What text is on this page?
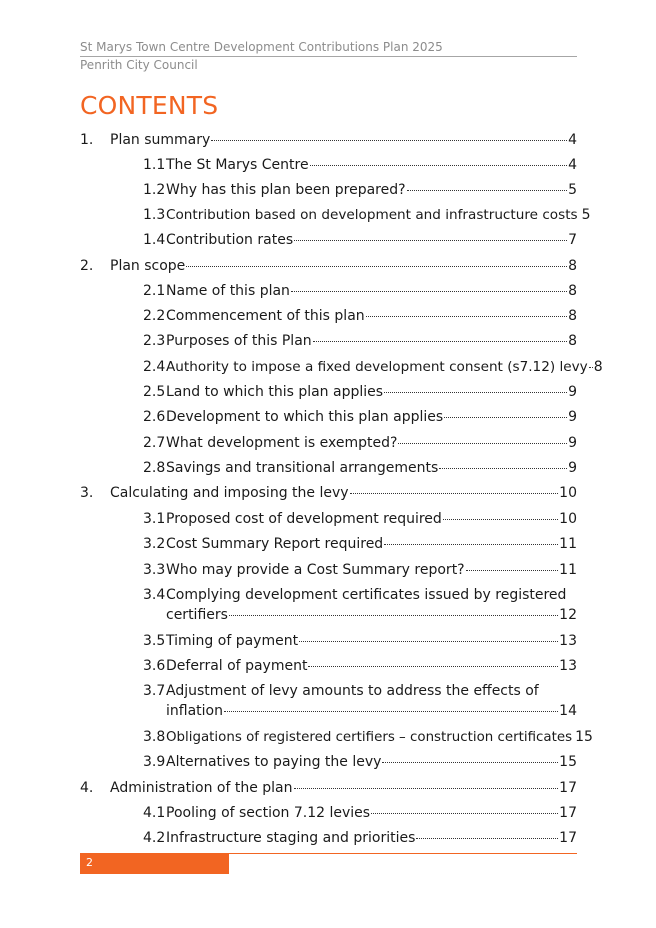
St Marys Town Centre Development Contributions Plan 2025
Penrith City Council
CONTENTS
1.	Plan summary	4
1.1 The St Marys Centre	4
1.2 Why has this plan been prepared?	5
1.3 Contribution based on development and infrastructure costs 5
1.4 Contribution rates	7
2.	Plan scope	8
2.1 Name of this plan	8
2.2 Commencement of this plan	8
2.3 Purposes of this Plan	8
2.4 Authority to impose a fixed development consent (s7.12) levy 8
2.5 Land to which this plan applies	9
2.6 Development to which this plan applies	9
2.7 What development is exempted?	9
2.8 Savings and transitional arrangements	9
3.	Calculating and imposing the levy	10
3.1 Proposed cost of development required	10
3.2 Cost Summary Report required	11
3.3 Who may provide a Cost Summary report?	11
3.4 Complying development certificates issued by registered
certifiers	12
3.5 Timing of payment	13
3.6 Deferral of payment	13
3.7 Adjustment of levy amounts to address the effects of
inflation	14
3.8 Obligations of registered certifiers – construction certificates 15
3.9 Alternatives to paying the levy	15
4.	Administration of the plan	17
4.1 Pooling of section 7.12 levies	17
4.2 Infrastructure staging and priorities	17
2
